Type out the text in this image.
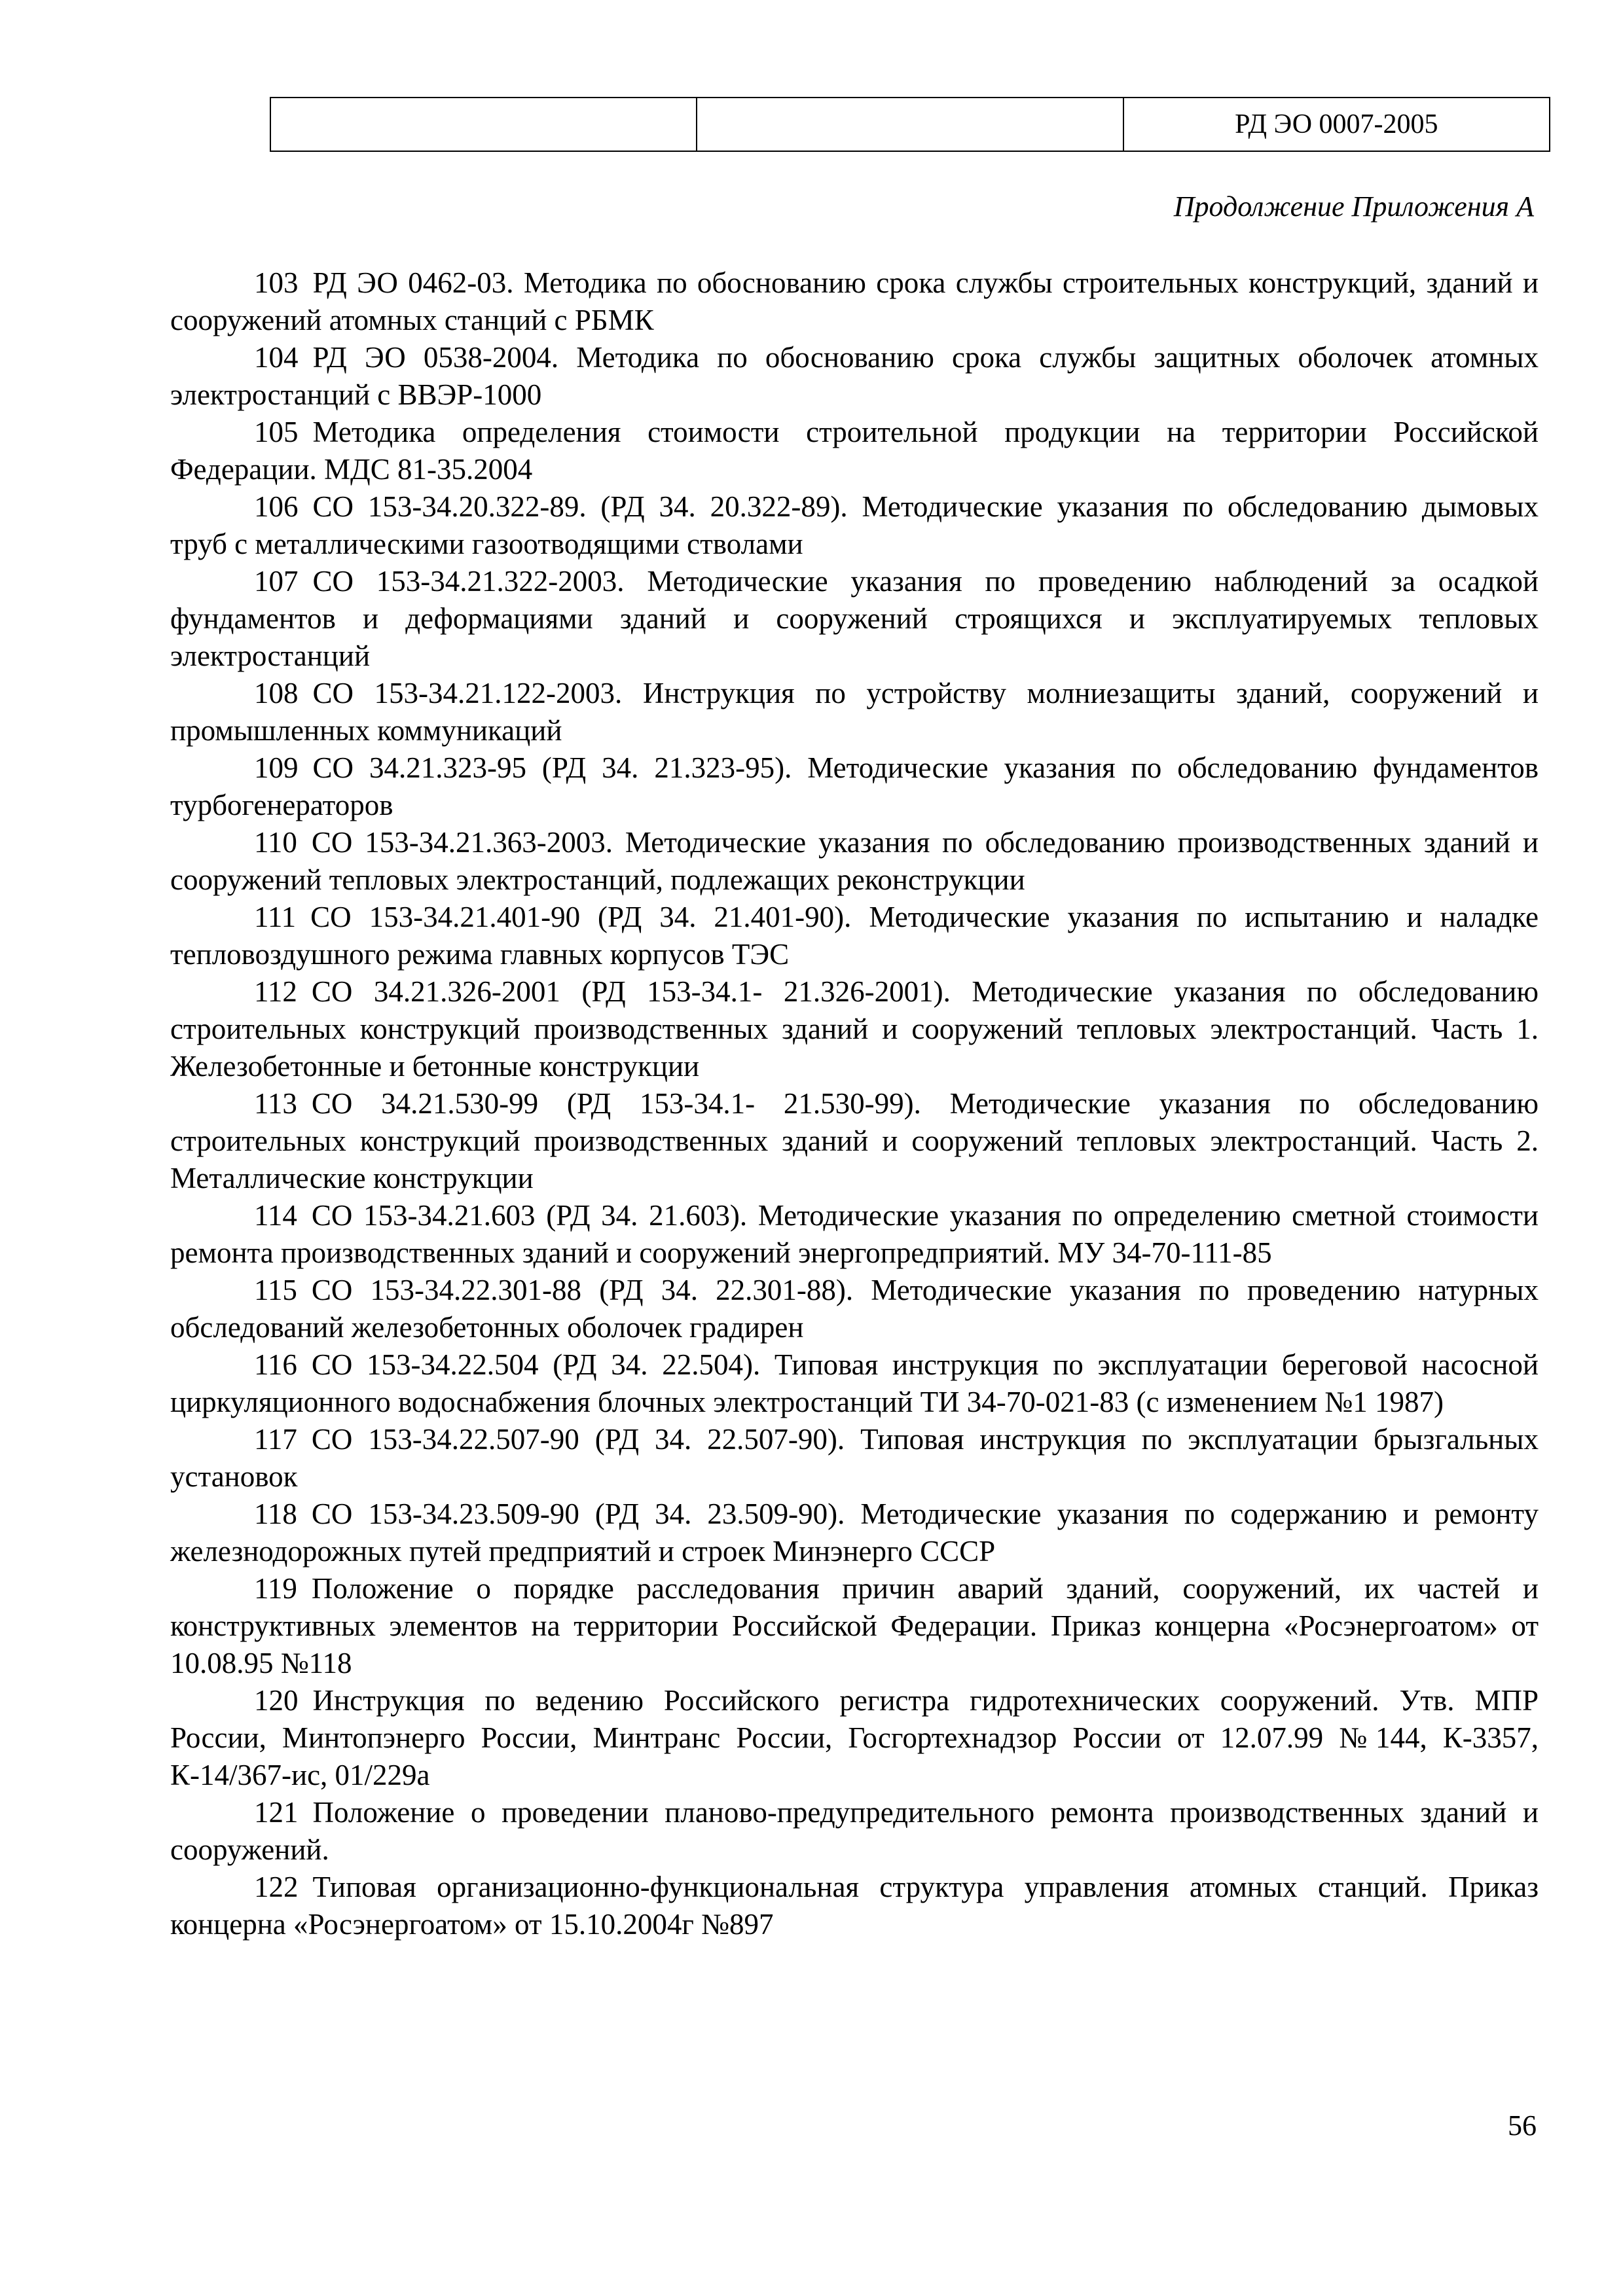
		РД ЭО 0007-2005
Продолжение Приложения А
103 РД ЭО 0462-03. Методика по обоснованию срока службы строительных конструкций, зданий и сооружений атомных станций с РБМК
104 РД ЭО 0538-2004. Методика по обоснованию срока службы защитных оболочек атомных электростанций с ВВЭР-1000
105 Методика определения стоимости строительной продукции на территории Российской Федерации. МДС 81-35.2004
106 СО 153-34.20.322-89. (РД 34. 20.322-89). Методические указания по обследованию дымовых труб с металлическими газоотводящими стволами
107 СО 153-34.21.322-2003. Методические указания по проведению наблюдений за осадкой фундаментов и деформациями зданий и сооружений строящихся и эксплуатируемых тепловых электростанций
108 СО 153-34.21.122-2003. Инструкция по устройству молниезащиты зданий, сооружений и промышленных коммуникаций
109 СО 34.21.323-95 (РД 34. 21.323-95). Методические указания по обследованию фундаментов турбогенераторов
110 СО 153-34.21.363-2003. Методические указания по обследованию производственных зданий и сооружений тепловых электростанций, подлежащих реконструкции
111 СО 153-34.21.401-90 (РД 34. 21.401-90). Методические указания по испытанию и наладке тепловоздушного режима главных корпусов ТЭС
112 СО 34.21.326-2001 (РД 153-34.1- 21.326-2001). Методические указания по обследованию строительных конструкций производственных зданий и сооружений тепловых электростанций. Часть 1. Железобетонные и бетонные конструкции
113 СО 34.21.530-99 (РД 153-34.1- 21.530-99). Методические указания по обследованию строительных конструкций производственных зданий и сооружений тепловых электростанций. Часть 2. Металлические конструкции
114 СО 153-34.21.603 (РД 34. 21.603). Методические указания по определению сметной стоимости ремонта производственных зданий и сооружений энергопредприятий. МУ 34-70-111-85
115 СО 153-34.22.301-88 (РД 34. 22.301-88). Методические указания по проведению натурных обследований железобетонных оболочек градирен
116 СО 153-34.22.504 (РД 34. 22.504). Типовая инструкция по эксплуатации береговой насосной циркуляционного водоснабжения блочных электростанций ТИ 34-70-021-83 (с изменением №1 1987)
117 СО 153-34.22.507-90 (РД 34. 22.507-90). Типовая инструкция по эксплуатации брызгальных установок
118 СО 153-34.23.509-90 (РД 34. 23.509-90). Методические указания по содержанию и ремонту железнодорожных путей предприятий и строек Минэнерго СССР
119 Положение о порядке расследования причин аварий зданий, сооружений, их частей и конструктивных элементов на территории Российской Федерации. Приказ концерна «Росэнергоатом» от 10.08.95 №118
120 Инструкция по ведению Российского регистра гидротехнических сооружений. Утв. МПР России, Минтопэнерго России, Минтранс России, Госгортехнадзор России от 12.07.99 №144, К-3357, К-14/367-ис, 01/229а
121 Положение о проведении планово-предупредительного ремонта производственных зданий и сооружений.
122 Типовая организационно-функциональная структура управления атомных станций. Приказ концерна «Росэнергоатом» от 15.10.2004г №897
56
